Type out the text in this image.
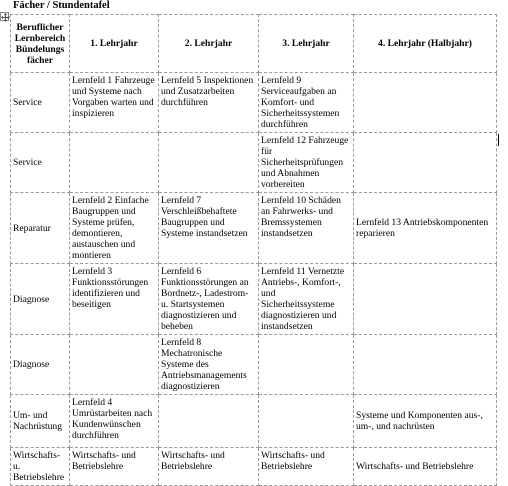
Fächer / Stundentafel
Beruflicher Lernbereich Bündelungs fächer	1. Lehrjahr	2. Lehrjahr	3. Lehrjahr	4. Lehrjahr (Halbjahr)
Service	Lernfeld 1 Fahrzeuge und Systeme nach Vorgaben warten und inspizieren	Lernfeld 5 Inspektionen und Zusatzarbeiten durchführen	Lernfeld 9 Serviceaufgaben an Komfort- und Sicherheitssystemen durchführen	
Service			Lernfeld 12 Fahrzeuge für Sicherheitsprüfungen und Abnahmen vorbereiten	
Reparatur	Lernfeld 2 Einfache Baugruppen und Systeme prüfen, demontieren, austauschen und montieren	Lernfeld 7 Verschleißbehaftete Baugruppen und Systeme instandsetzen	Lernfeld 10 Schäden an Fahrwerks- und Bremssystemen instandsetzen	Lernfeld 13 Antriebskomponenten reparieren
Diagnose	Lernfeld 3 Funktionsstörungen identifizieren und beseitigen	Lernfeld 6 Funktionsstörungen an Bordnetz-, Ladestrom- u. Startsystemen diagnostizieren und beheben	Lernfeld 11 Vernetzte Antriebs-, Komfort-, und Sicherheitssysteme diagnostizieren und instandsetzen	
Diagnose		Lernfeld 8 Mechatronische Systeme des Antriebsmanagements diagnostizieren		
Um- und Nachrüstung	Lernfeld 4 Umrüstarbeiten nach Kundenwünschen durchführen			Systeme und Komponenten aus-, um-, und nachrüsten
Wirtschafts- u. Betriebslehre	Wirtschafts- und Betriebslehre	Wirtschafts- und Betriebslehre	Wirtschafts- und Betriebslehre	Wirtschafts- und Betriebslehre
